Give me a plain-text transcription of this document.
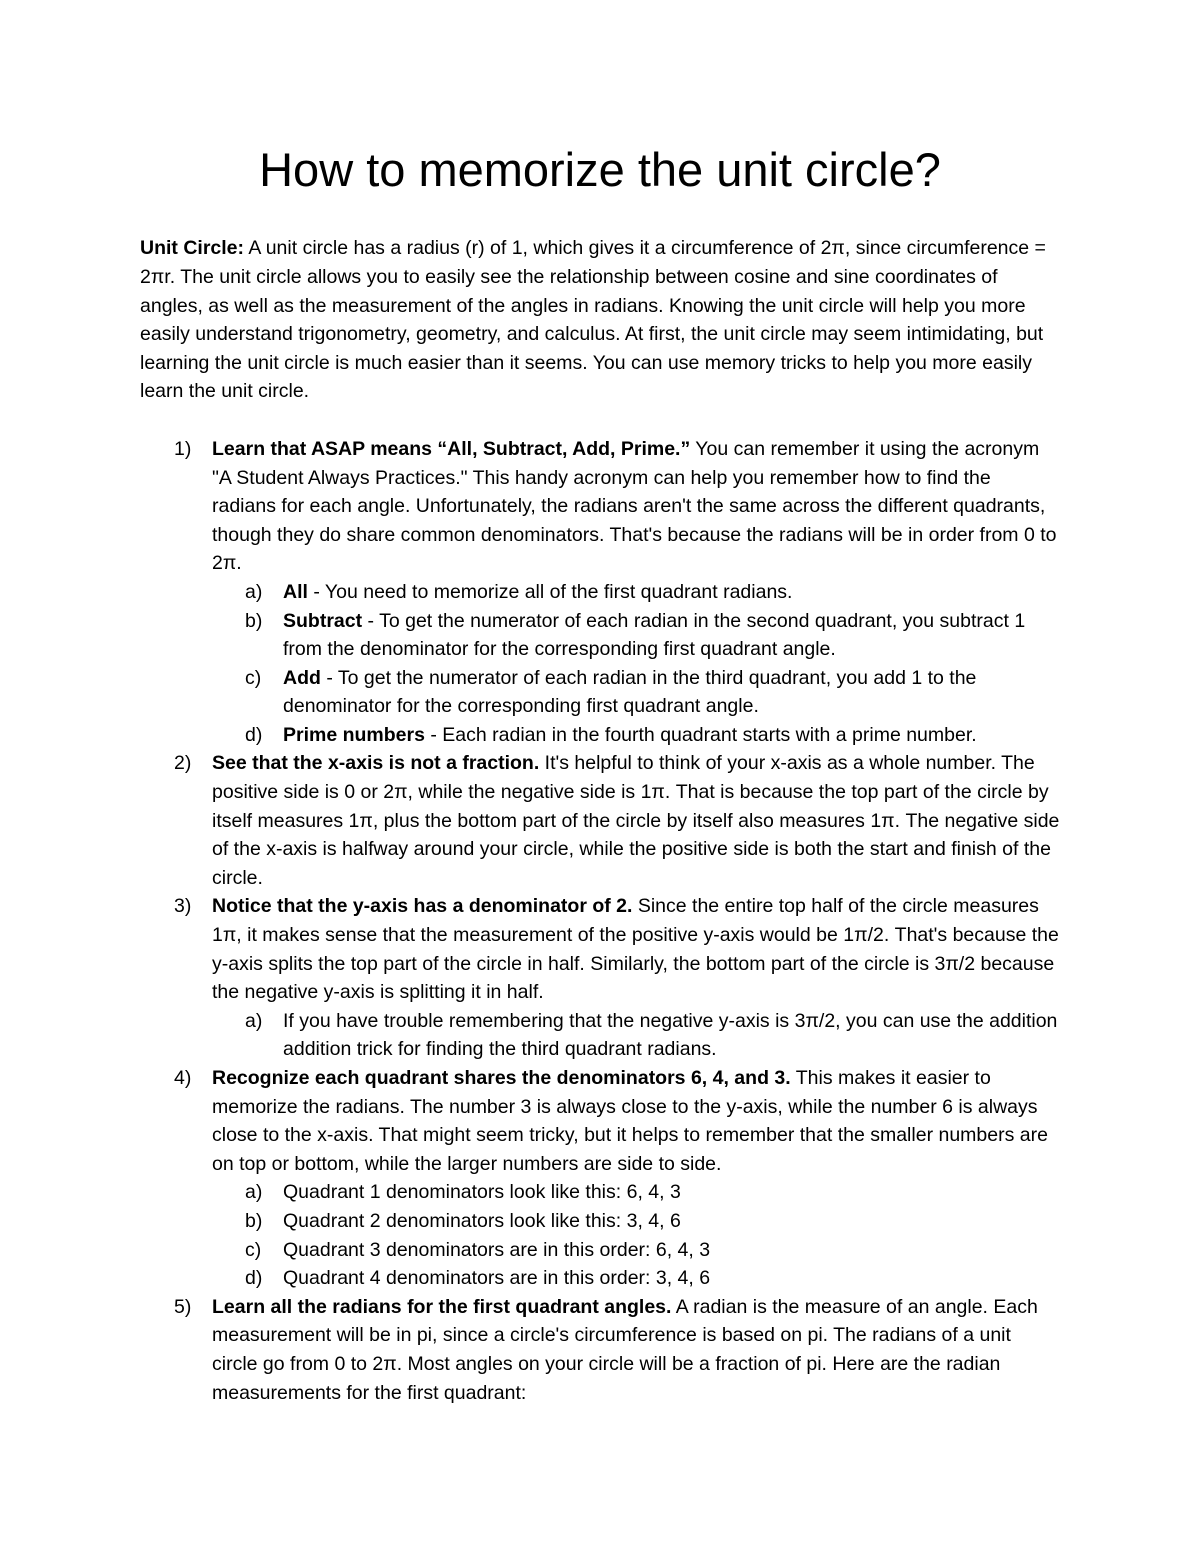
How to memorize the unit circle?

Unit Circle: A unit circle has a radius (r) of 1, which gives it a circumference of 2π, since circumference = 2πr. The unit circle allows you to easily see the relationship between cosine and sine coordinates of angles, as well as the measurement of the angles in radians. Knowing the unit circle will help you more easily understand trigonometry, geometry, and calculus. At first, the unit circle may seem intimidating, but learning the unit circle is much easier than it seems. You can use memory tricks to help you more easily learn the unit circle.

1) Learn that ASAP means “All, Subtract, Add, Prime.” You can remember it using the acronym "A Student Always Practices." This handy acronym can help you remember how to find the radians for each angle. Unfortunately, the radians aren't the same across the different quadrants, though they do share common denominators. That's because the radians will be in order from 0 to 2π.
a) All - You need to memorize all of the first quadrant radians.
b) Subtract - To get the numerator of each radian in the second quadrant, you subtract 1 from the denominator for the corresponding first quadrant angle.
c) Add - To get the numerator of each radian in the third quadrant, you add 1 to the denominator for the corresponding first quadrant angle.
d) Prime numbers - Each radian in the fourth quadrant starts with a prime number.
2) See that the x-axis is not a fraction. It's helpful to think of your x-axis as a whole number. The positive side is 0 or 2π, while the negative side is 1π. That is because the top part of the circle by itself measures 1π, plus the bottom part of the circle by itself also measures 1π. The negative side of the x-axis is halfway around your circle, while the positive side is both the start and finish of the circle.
3) Notice that the y-axis has a denominator of 2. Since the entire top half of the circle measures 1π, it makes sense that the measurement of the positive y-axis would be 1π/2. That's because the y-axis splits the top part of the circle in half. Similarly, the bottom part of the circle is 3π/2 because the negative y-axis is splitting it in half.
a) If you have trouble remembering that the negative y-axis is 3π/2, you can use the addition addition trick for finding the third quadrant radians.
4) Recognize each quadrant shares the denominators 6, 4, and 3. This makes it easier to memorize the radians. The number 3 is always close to the y-axis, while the number 6 is always close to the x-axis. That might seem tricky, but it helps to remember that the smaller numbers are on top or bottom, while the larger numbers are side to side.
a) Quadrant 1 denominators look like this: 6, 4, 3
b) Quadrant 2 denominators look like this: 3, 4, 6
c) Quadrant 3 denominators are in this order: 6, 4, 3
d) Quadrant 4 denominators are in this order: 3, 4, 6
5) Learn all the radians for the first quadrant angles. A radian is the measure of an angle. Each measurement will be in pi, since a circle's circumference is based on pi. The radians of a unit circle go from 0 to 2π. Most angles on your circle will be a fraction of pi. Here are the radian measurements for the first quadrant:
